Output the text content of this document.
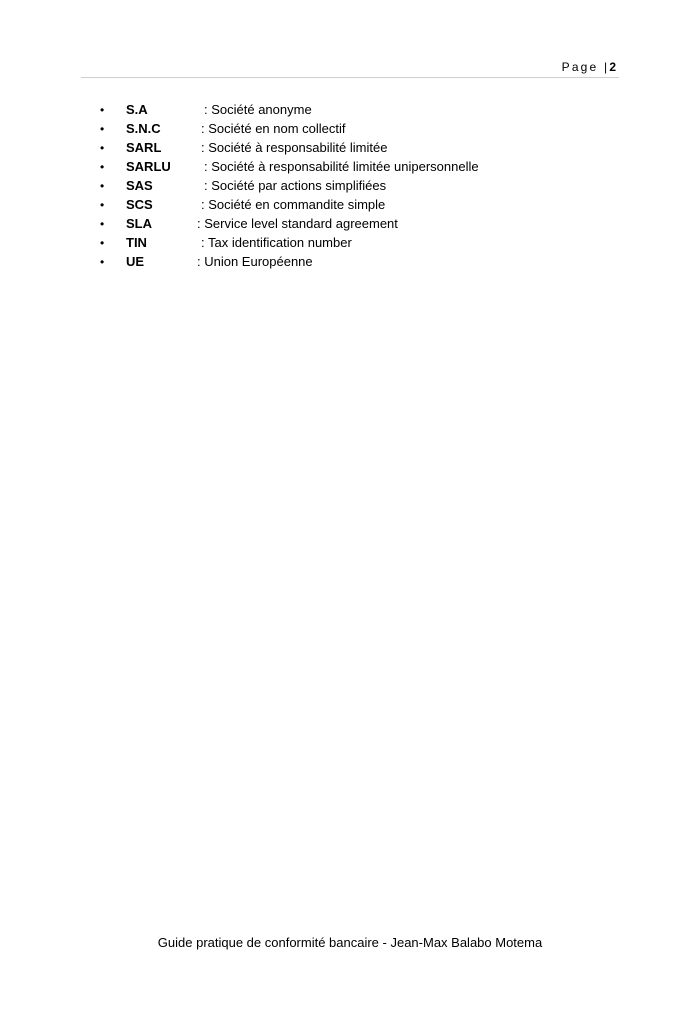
Page |2
•	S.A	: Société anonyme
•	S.N.C	: Société en nom collectif
•	SARL	: Société à responsabilité limitée
•	SARLU	: Société à responsabilité limitée unipersonnelle
•	SAS	: Société par actions simplifiées
•	SCS	: Société en commandite simple
•	SLA	: Service level standard agreement
•	TIN	: Tax identification number
•	UE	: Union Européenne
Guide pratique de conformité bancaire - Jean-Max Balabo Motema
